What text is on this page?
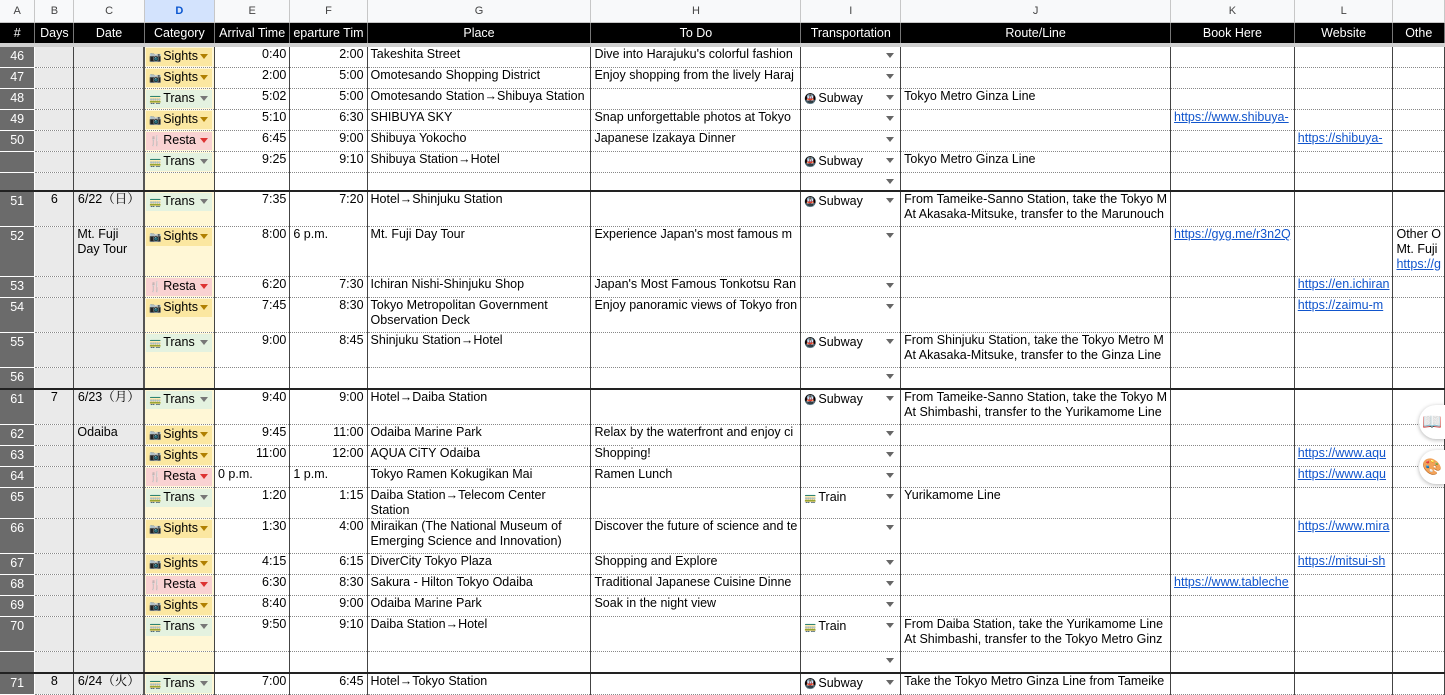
A	B	C	D	E	F	G	H	I	J	K	L	
#	Days	Date	Category	Arrival Time	eparture Tim	Place	To Do	Transportation	Route/Line	Book Here	Website	Othe
46			📷 Sights	0:40	2:00	Takeshita Street	Dive into Harajuku's colorful fashion	

47			📷 Sights	2:00	5:00	Omotesando Shopping District	Enjoy shopping from the lively Haraj	

48			🚃 Trans	5:02	5:00	Omotesando Station→Shibuya Station		🚇 Subway	Tokyo Metro Ginza Line			
49			📷 Sights	5:10	6:30	SHIBUYA SKY	Snap unforgettable photos at Tokyo			https://www.shibuya-		
50			🍴 Resta	6:45	9:00	Shibuya Yokocho	Japanese Izakaya Dinner				https://shibuya-	

			🚃 Trans	9:25	9:10	Shibuya Station→Hotel		🚇 Subway	Tokyo Metro Ginza Line			

51	6	6/22（日）	🚃 Trans	7:35	7:20	Hotel→Shinjuku Station		🚇 Subway	From Tameike-Sanno Station, take the Tokyo M
At Akasaka-Mitsuke, transfer to the Marunouch			
52		Mt. Fuji Day Tour	📷 Sights	8:00	6 p.m.	Mt. Fuji Day Tour	Experience Japan's most famous m			https://gyg.me/r3n2Q		Other O
Mt. Fuji
https://g
53			🍴 Resta	6:20	7:30	Ichiran Nishi-Shinjuku Shop	Japan's Most Famous Tonkotsu Ran				https://en.ichiran	
54			📷 Sights	7:45	8:30	Tokyo Metropolitan Government Observation Deck	Enjoy panoramic views of Tokyo fron				https://zaimu-m	
55			🚃 Trans	9:00	8:45	Shinjuku Station→Hotel		🚇 Subway	From Shinjuku Station, take the Tokyo Metro M
At Akasaka-Mitsuke, transfer to the Ginza Line			
56								

61	7	6/23（月）	🚃 Trans	9:40	9:00	Hotel→Daiba Station		🚇 Subway	From Tameike-Sanno Station, take the Tokyo M
At Shimbashi, transfer to the Yurikamome Line			
62		Odaiba	📷 Sights	9:45	11:00	Odaiba Marine Park	Relax by the waterfront and enjoy ci	

63			📷 Sights	11:00	12:00	AQUA CiTY Odaiba	Shopping!				https://www.aqu	
64			🍴 Resta	0 p.m.	1 p.m.	Tokyo Ramen Kokugikan Mai	Ramen Lunch				https://www.aqu	
65			🚃 Trans	1:20	1:15	Daiba Station→Telecom Center Station		🚃 Train	Yurikamome Line			
66			📷 Sights	1:30	4:00	Miraikan (The National Museum of Emerging Science and Innovation)	Discover the future of science and te				https://www.mira	
67			📷 Sights	4:15	6:15	DiverCity Tokyo Plaza	Shopping and Explore				https://mitsui-sh	
68			🍴 Resta	6:30	8:30	Sakura - Hilton Tokyo Odaiba	Traditional Japanese Cuisine Dinne			https://www.tableche		
69			📷 Sights	8:40	9:00	Odaiba Marine Park	Soak in the night view	

70			🚃 Trans	9:50	9:10	Daiba Station→Hotel		🚃 Train	From Daiba Station, take the Yurikamome Line
At Shimbashi, transfer to the Tokyo Metro Ginz			

71	8	6/24（火）	🚃 Trans	7:00	6:45	Hotel→Tokyo Station		🚇 Subway	Take the Tokyo Metro Ginza Line from Tameike			
📖
🎨
